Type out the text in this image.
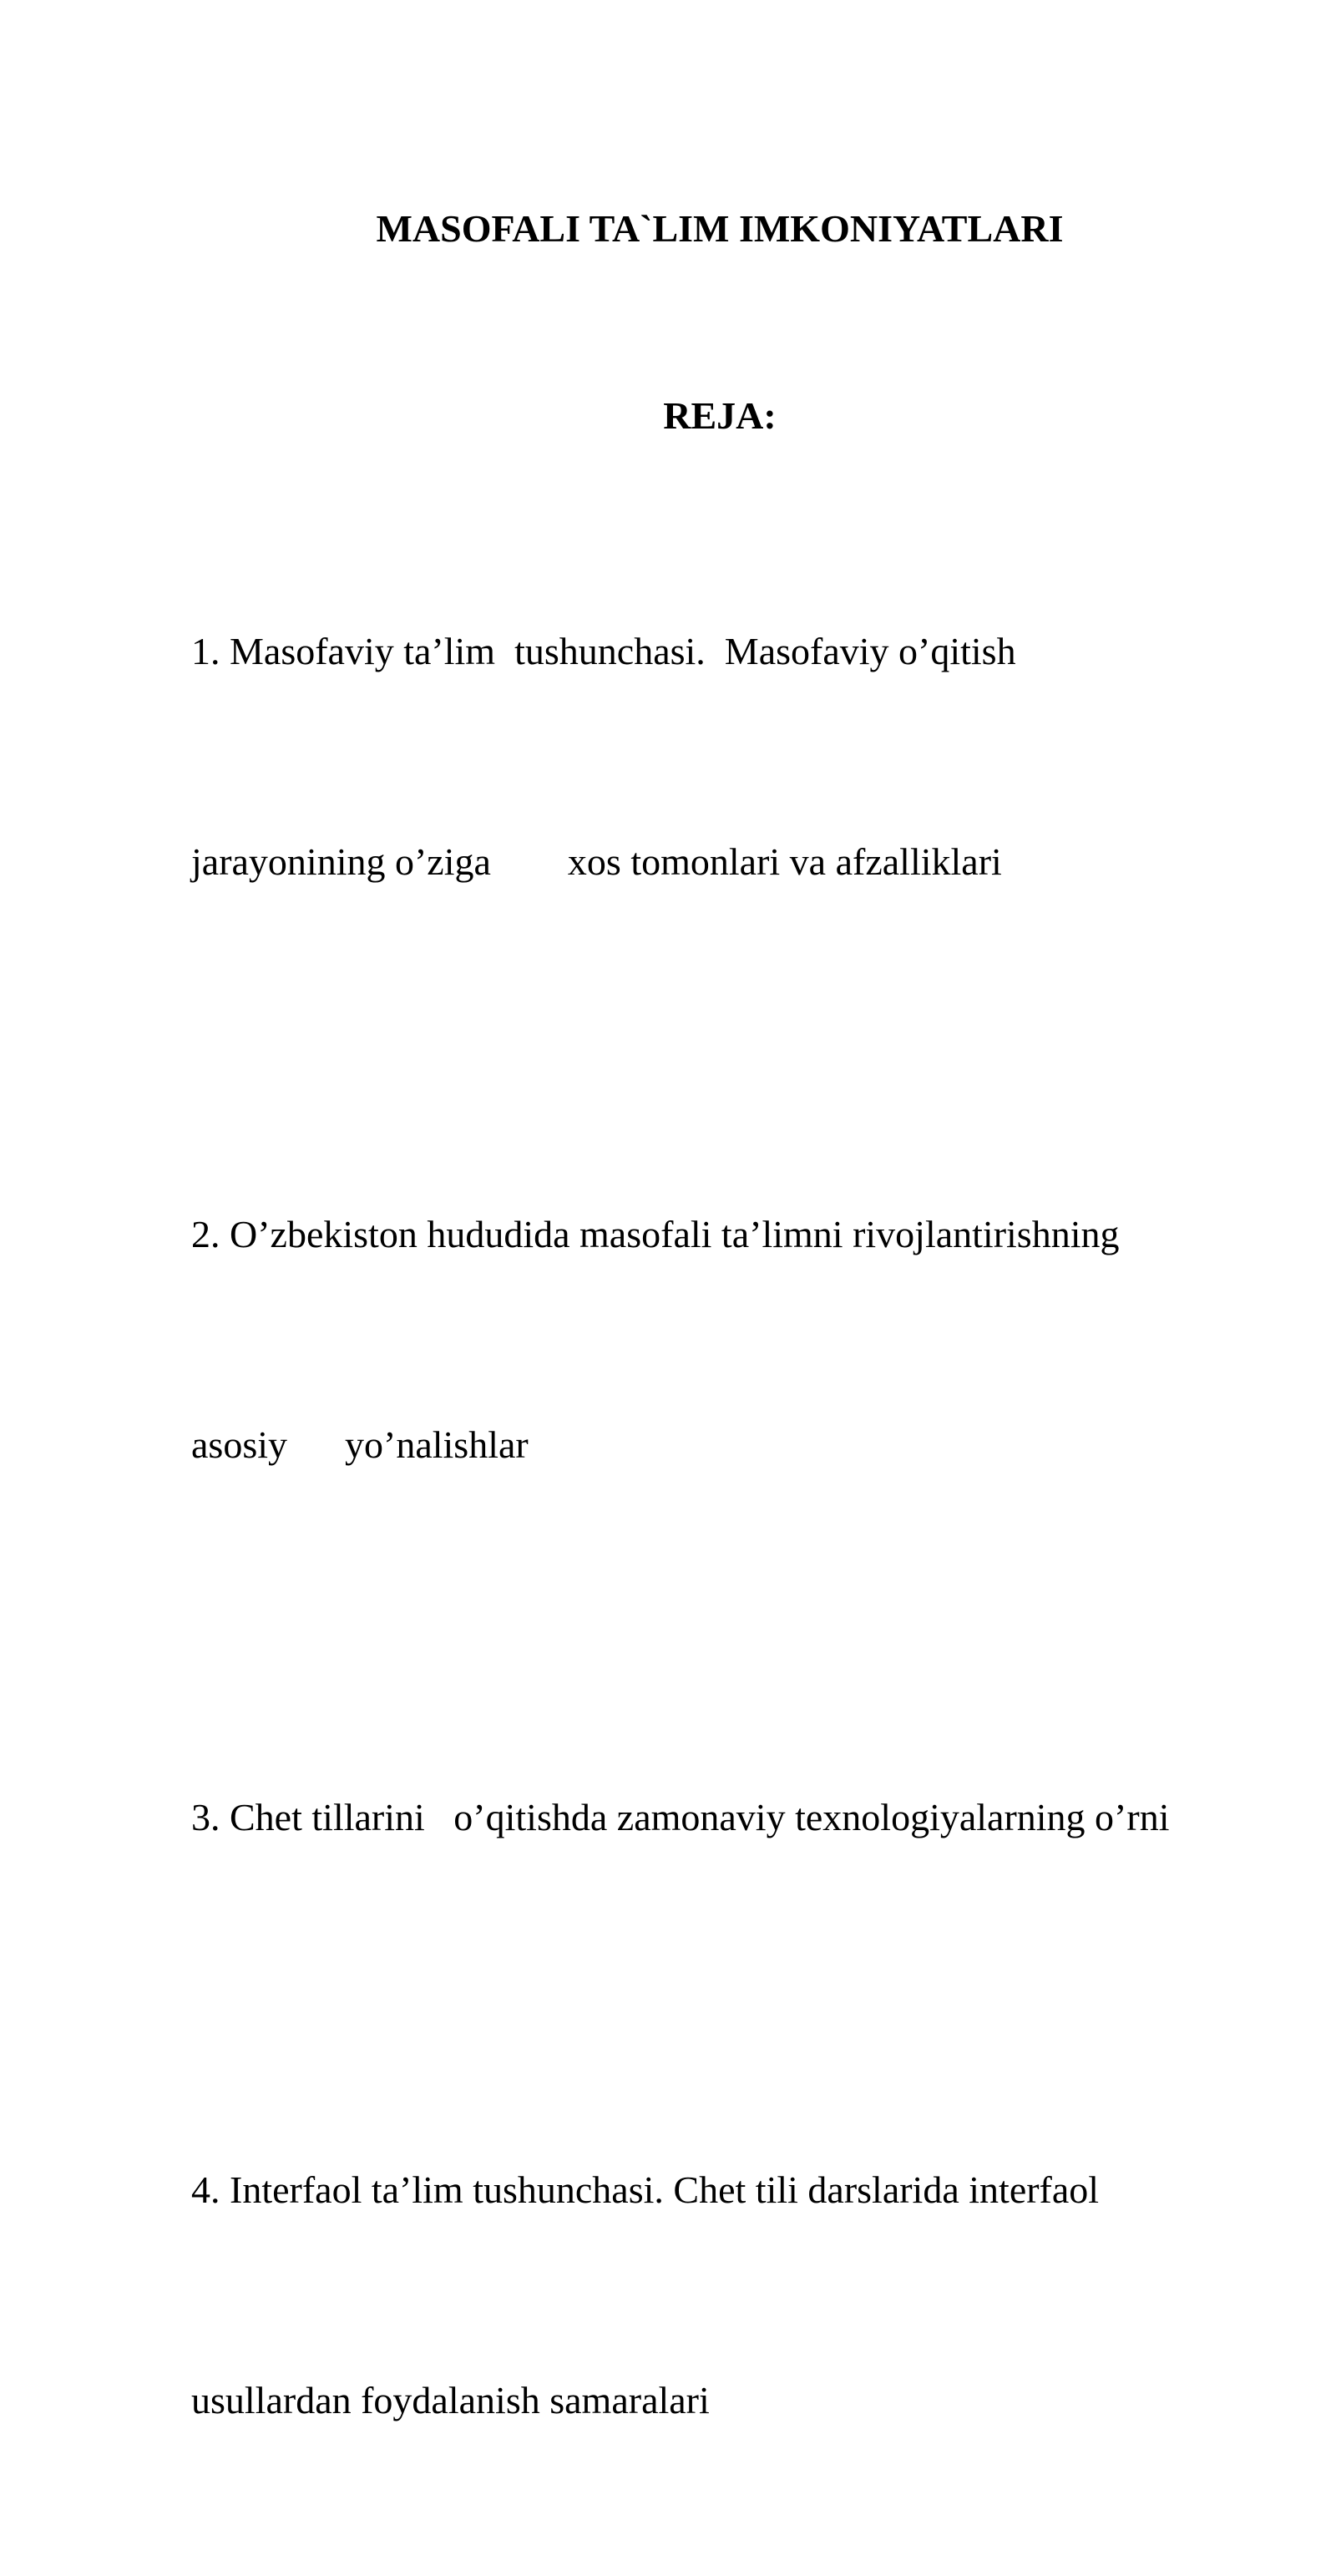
MASOFALI TA`LIM IMKONIYATLARI
REJA:

1. Masofaviy ta’lim  tushunchasi.  Masofaviy o’qitish

jarayonining o’ziga        xos tomonlari va afzalliklari

2. O’zbekiston hududida masofali ta’limni rivojlantirishning

asosiy      yo’nalishlar

3. Chet tillarini   o’qitishda zamonaviy texnologiyalarning o’rni

4. Interfaol ta’lim tushunchasi. Chet tili darslarida interfaol

usullardan foydalanish samaralari
